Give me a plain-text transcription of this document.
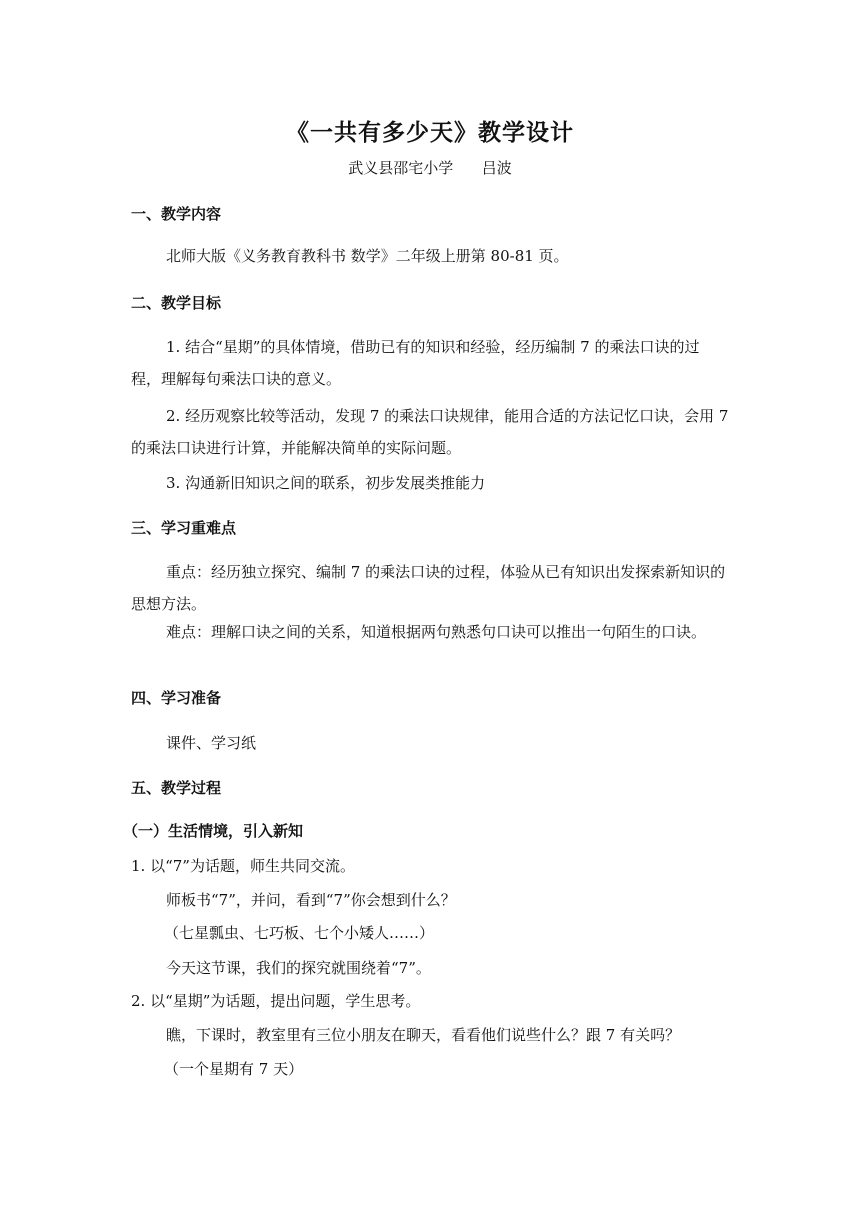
《一共有多少天》教学设计
武义县邵宅小学      吕波
一、教学内容
北师大版《义务教育教科书 数学》二年级上册第 80-81 页。
二、教学目标
1. 结合“星期”的具体情境，借助已有的知识和经验，经历编制 7 的乘法口诀的过程，理解每句乘法口诀的意义。
2. 经历观察比较等活动，发现 7 的乘法口诀规律，能用合适的方法记忆口诀，会用 7 的乘法口诀进行计算，并能解决简单的实际问题。
3. 沟通新旧知识之间的联系，初步发展类推能力
三、学习重难点
重点：经历独立探究、编制 7 的乘法口诀的过程，体验从已有知识出发探索新知识的思想方法。
难点：理解口诀之间的关系，知道根据两句熟悉句口诀可以推出一句陌生的口诀。
四、学习准备
课件、学习纸
五、教学过程
（一）生活情境，引入新知
1. 以“7”为话题，师生共同交流。
师板书“7”，并问，看到“7”你会想到什么？
（七星瓢虫、七巧板、七个小矮人……）
今天这节课，我们的探究就围绕着“7”。
2. 以“星期”为话题，提出问题，学生思考。
瞧，下课时，教室里有三位小朋友在聊天，看看他们说些什么？跟 7 有关吗？
（一个星期有 7 天）
